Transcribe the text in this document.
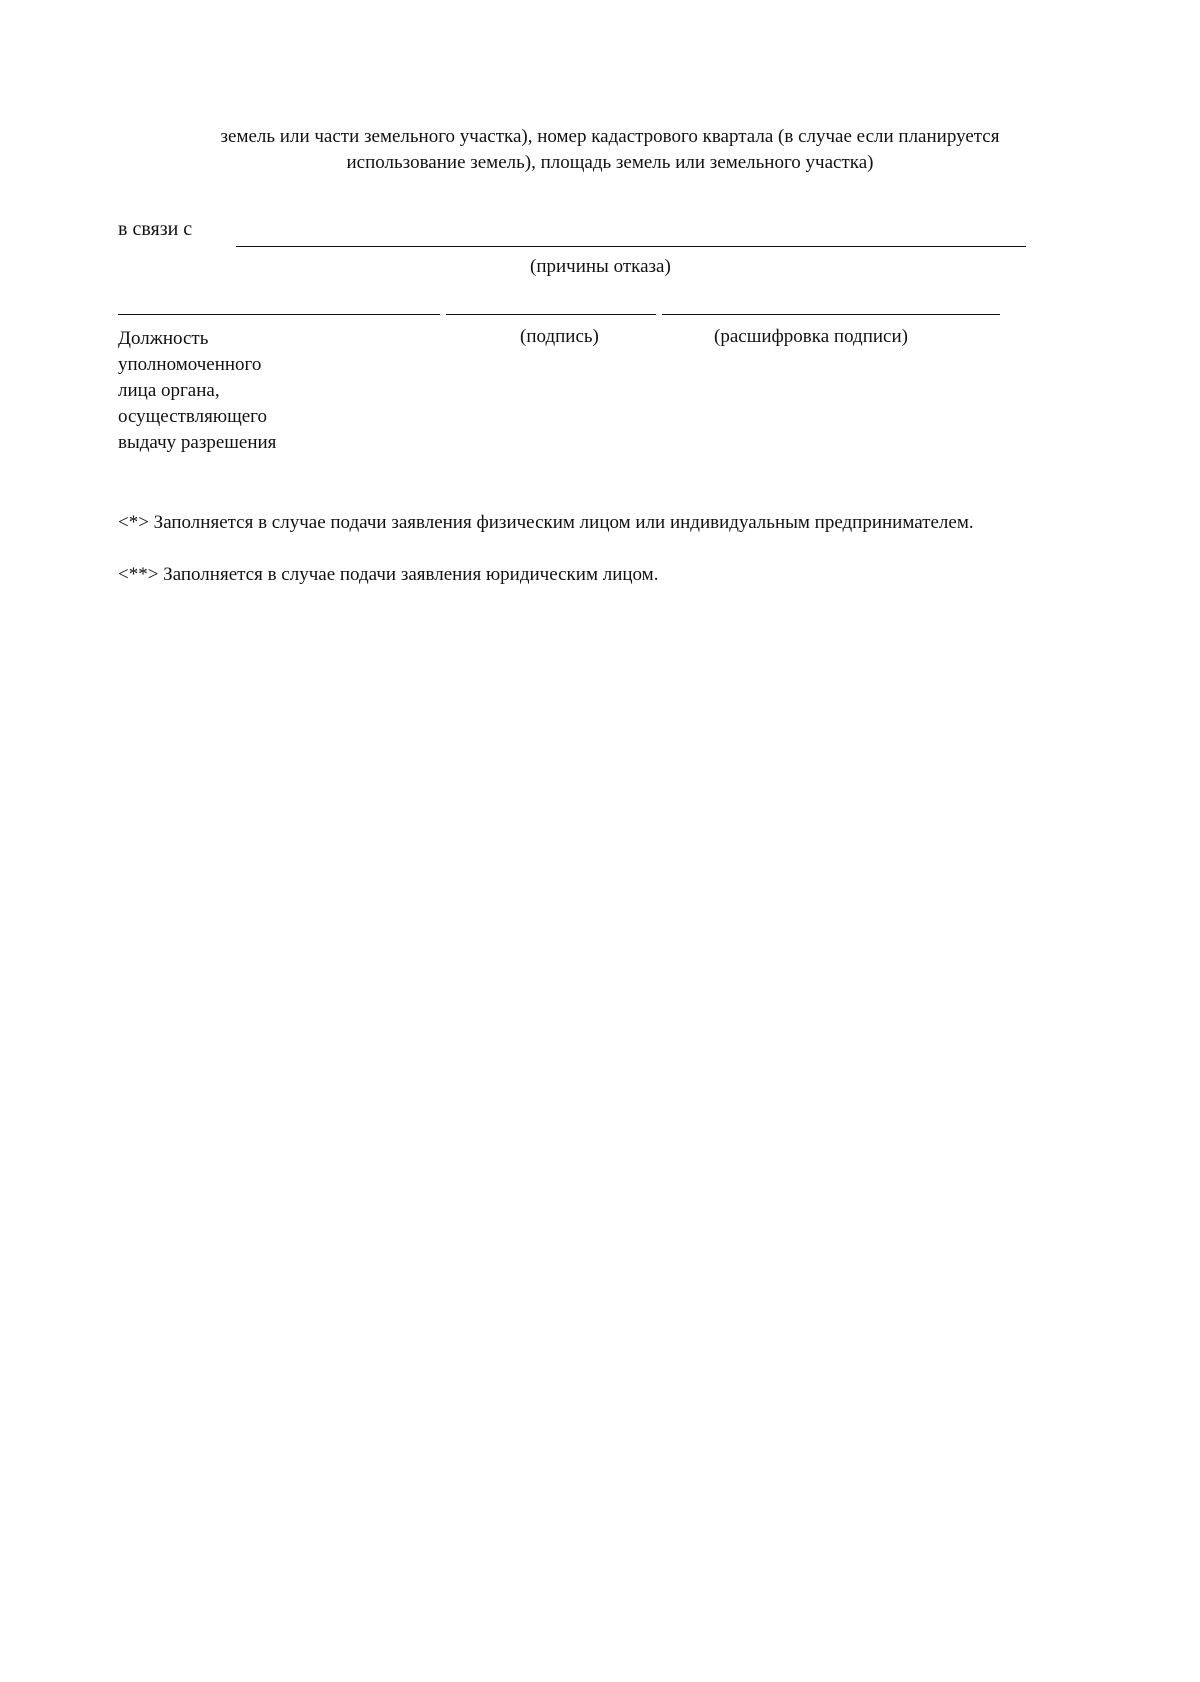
земель или части земельного участка), номер кадастрового квартала (в случае если планируется
использование земель), площадь земель или земельного участка)
в связи с
(причины отказа)
Должность
уполномоченного
лица органа,
осуществляющего
выдачу разрешения
(подпись)	(расшифровка подписи)
<*> Заполняется в случае подачи заявления физическим лицом или индивидуальным предпринимателем.
<**> Заполняется в случае подачи заявления юридическим лицом.
